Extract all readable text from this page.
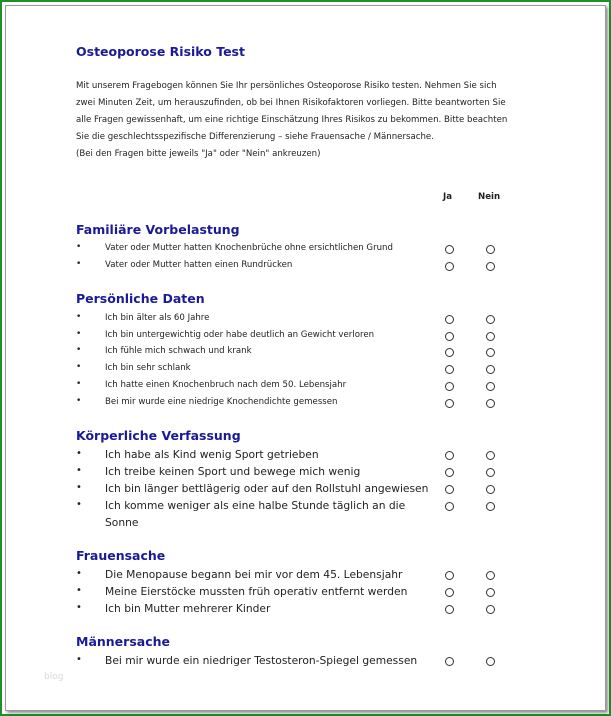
Osteoporose Risiko Test
Mit unserem Fragebogen können Sie Ihr persönliches Osteoporose Risiko testen. Nehmen Sie sich
zwei Minuten Zeit, um herauszufinden, ob bei Ihnen Risikofaktoren vorliegen. Bitte beantworten Sie
alle Fragen gewissenhaft, um eine richtige Einschätzung Ihres Risikos zu bekommen. Bitte beachten
Sie die geschlechtsspezifische Differenzierung – siehe Frauensache / Männersache.
(Bei den Fragen bitte jeweils "Ja" oder "Nein" ankreuzen)
Ja	Nein
Familiäre Vorbelastung
•	Vater oder Mutter hatten Knochenbrüche ohne ersichtlichen Grund
•	Vater oder Mutter hatten einen Rundrücken
Persönliche Daten
•	Ich bin älter als 60 Jahre
•	Ich bin untergewichtig oder habe deutlich an Gewicht verloren
•	Ich fühle mich schwach und krank
•	Ich bin sehr schlank
•	Ich hatte einen Knochenbruch nach dem 50. Lebensjahr
•	Bei mir wurde eine niedrige Knochendichte gemessen
Körperliche Verfassung
•	Ich habe als Kind wenig Sport getrieben
•	Ich treibe keinen Sport und bewege mich wenig
•	Ich bin länger bettlägerig oder auf den Rollstuhl angewiesen
•	Ich komme weniger als eine halbe Stunde täglich an die
Sonne
Frauensache
•	Die Menopause begann bei mir vor dem 45. Lebensjahr
•	Meine Eierstöcke mussten früh operativ entfernt werden
•	Ich bin Mutter mehrerer Kinder
Männersache
•	Bei mir wurde ein niedriger Testosteron-Spiegel gemessen
blog
